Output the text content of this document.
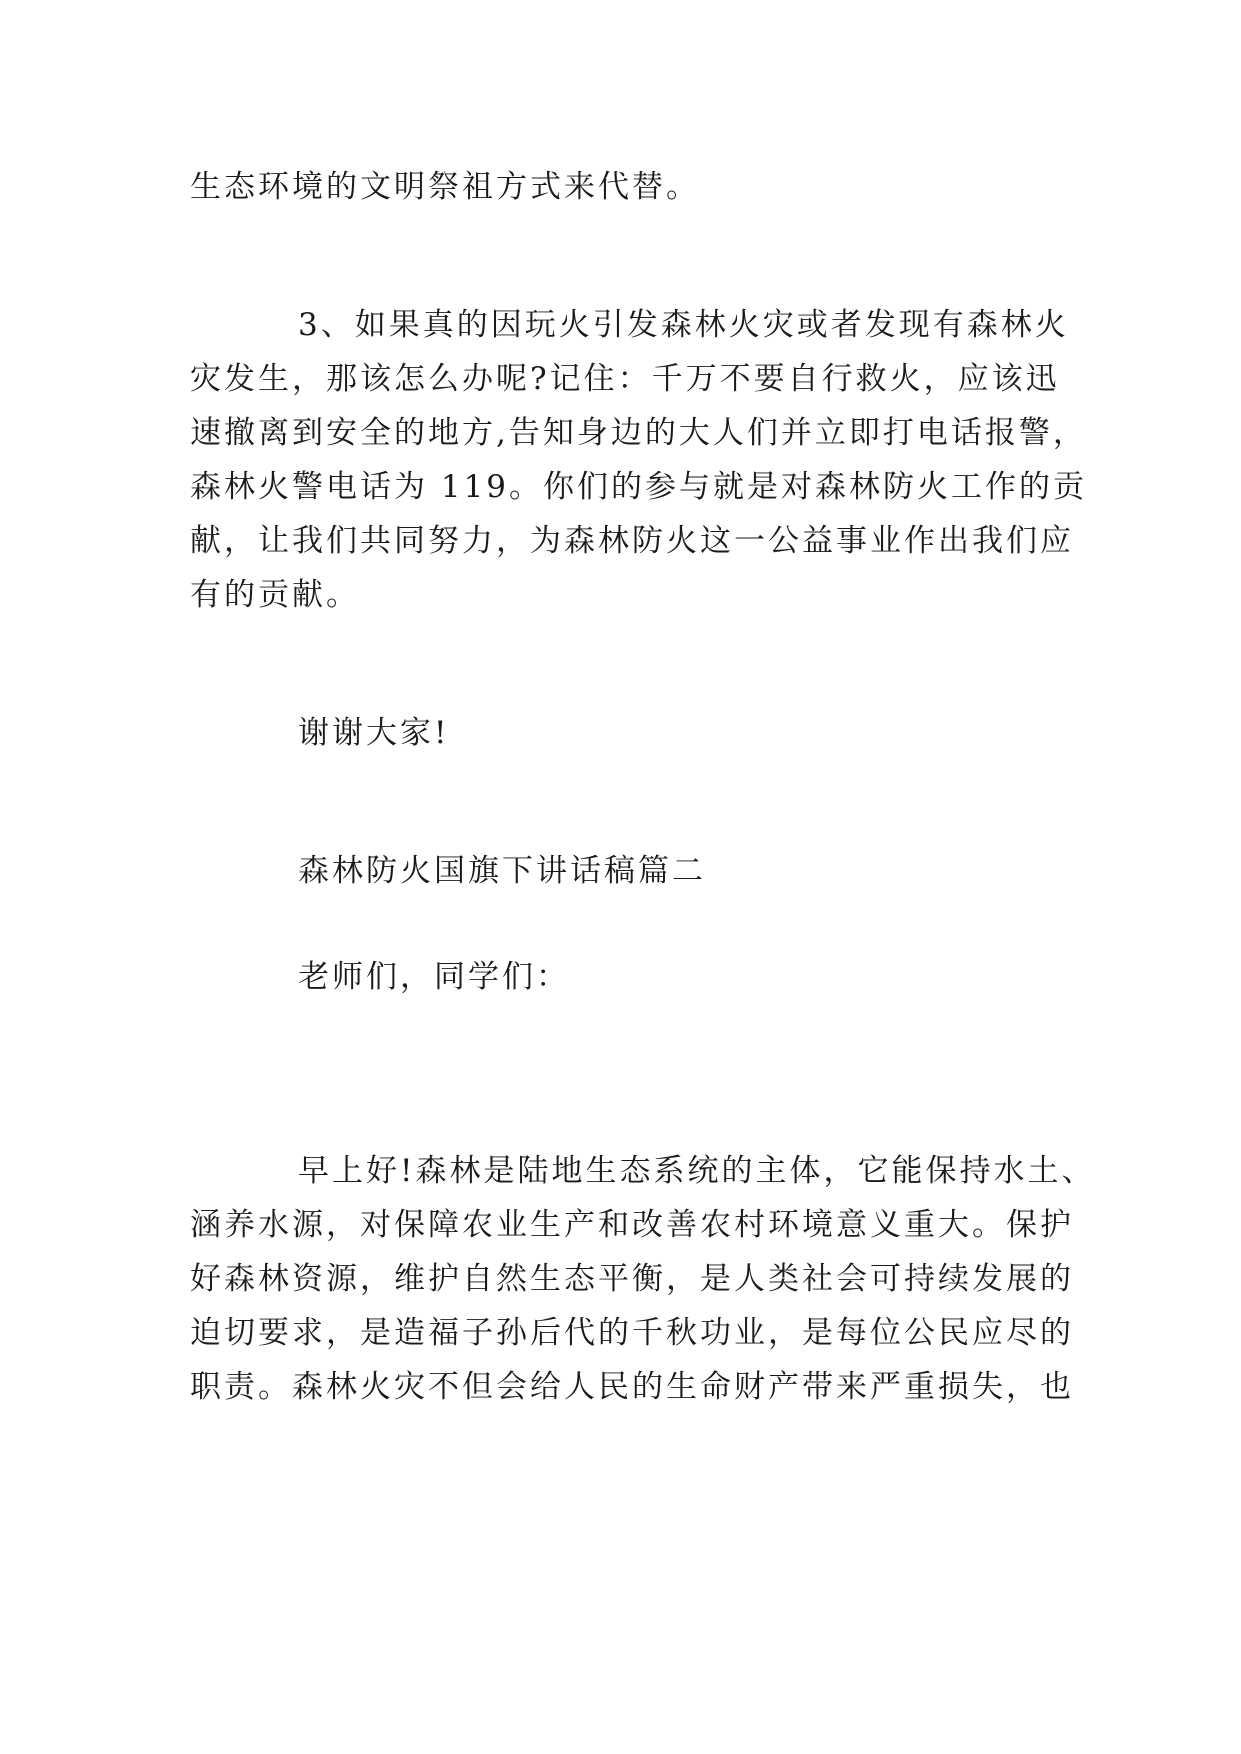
生态环境的文明祭祖方式来代替。
3、如果真的因玩火引发森林火灾或者发现有森林火
灾发生，那该怎么办呢?记住：千万不要自行救火，应该迅
速撤离到安全的地方,告知身边的大人们并立即打电话报警，
森林火警电话为 119。你们的参与就是对森林防火工作的贡
献，让我们共同努力，为森林防火这一公益事业作出我们应
有的贡献。
谢谢大家!
森林防火国旗下讲话稿篇二
老师们，同学们：
早上好!森林是陆地生态系统的主体，它能保持水土、
涵养水源，对保障农业生产和改善农村环境意义重大。保护
好森林资源，维护自然生态平衡，是人类社会可持续发展的
迫切要求，是造福子孙后代的千秋功业，是每位公民应尽的
职责。森林火灾不但会给人民的生命财产带来严重损失，也
